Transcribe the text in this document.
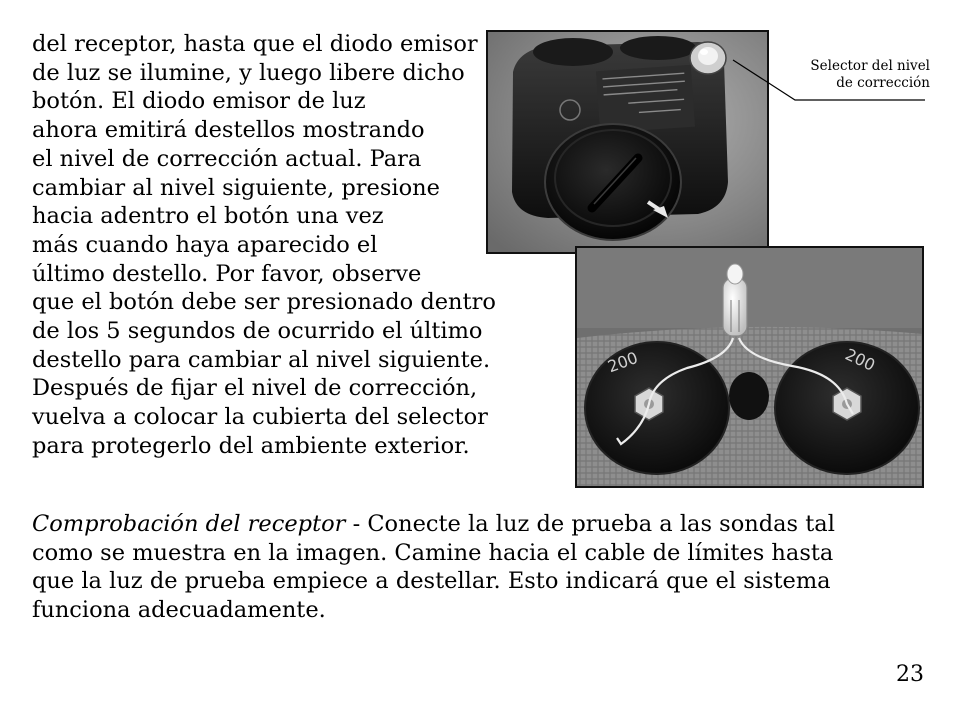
del receptor, hasta que el diodo emisor
de luz se ilumine, y luego libere dicho
botón. El diodo emisor de luz
ahora emitirá destellos mostrando
el nivel de corrección actual. Para
cambiar al nivel siguiente, presione
hacia adentro el botón una vez
más cuando haya aparecido el
último destello. Por favor, observe
que el botón debe ser presionado dentro
de los 5 segundos de ocurrido el último
destello para cambiar al nivel siguiente.
Después de fijar el nivel de corrección,
vuelva a colocar la cubierta del selector
para protegerlo del ambiente exterior.
Selector del nivel
de corrección
200	200
Comprobación del receptor - Conecte la luz de prueba a las sondas tal
como se muestra en la imagen. Camine hacia el cable de límites hasta
que la luz de prueba empiece a destellar. Esto indicará que el sistema
funciona adecuadamente.

23
